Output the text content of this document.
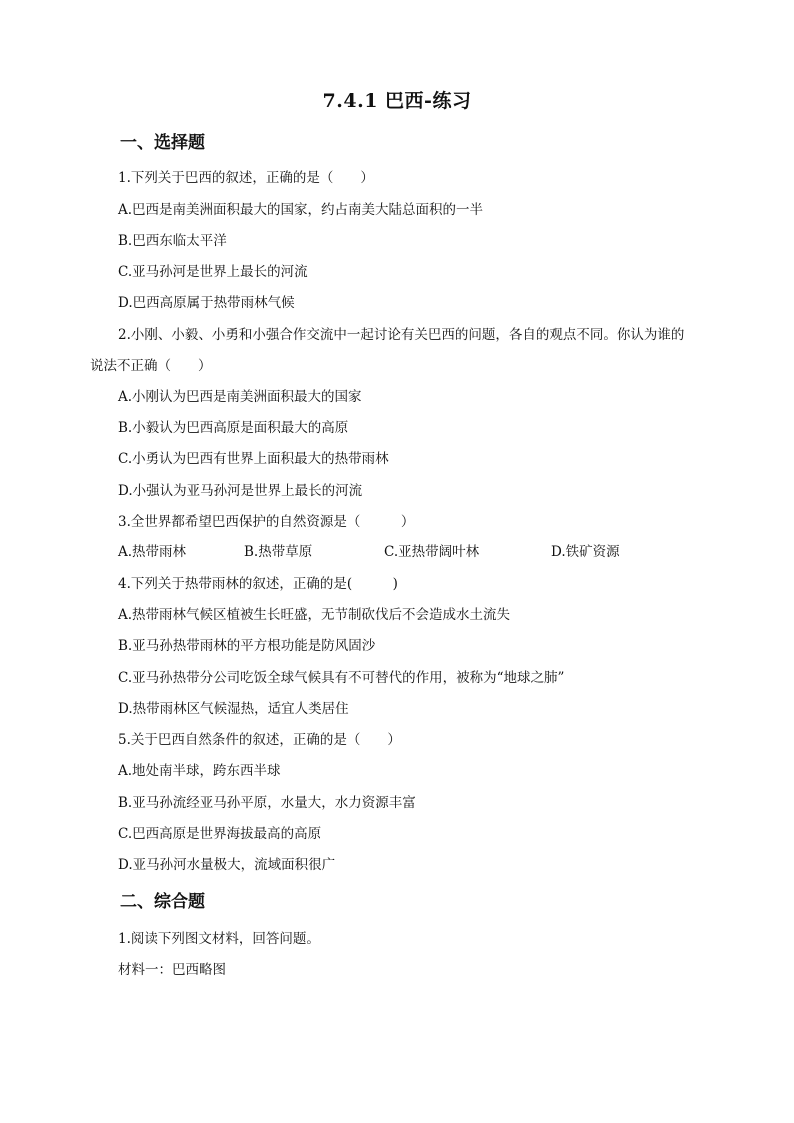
7.4.1 巴西-练习
一、选择题
1.下列关于巴西的叙述，正确的是（　　）
A.巴西是南美洲面积最大的国家，约占南美大陆总面积的一半
B.巴西东临太平洋
C.亚马孙河是世界上最长的河流
D.巴西高原属于热带雨林气候
2.小刚、小毅、小勇和小强合作交流中一起讨论有关巴西的问题，各自的观点不同。你认为谁的
说法不正确（　　）
A.小刚认为巴西是南美洲面积最大的国家
B.小毅认为巴西高原是面积最大的高原
C.小勇认为巴西有世界上面积最大的热带雨林
D.小强认为亚马孙河是世界上最长的河流
3.全世界都希望巴西保护的自然资源是（　　　）
A.热带雨林	B.热带草原	C.亚热带阔叶林	D.铁矿资源
4.下列关于热带雨林的叙述，正确的是(　　　)
A.热带雨林气候区植被生长旺盛，无节制砍伐后不会造成水土流失
B.亚马孙热带雨林的平方根功能是防风固沙
C.亚马孙热带分公司吃饭全球气候具有不可替代的作用，被称为“地球之肺”
D.热带雨林区气候湿热，适宜人类居住
5.关于巴西自然条件的叙述，正确的是（　　）
A.地处南半球，跨东西半球
B.亚马孙流经亚马孙平原，水量大，水力资源丰富
C.巴西高原是世界海拔最高的高原
D.亚马孙河水量极大，流域面积很广
二、综合题
1.阅读下列图文材料，回答问题。
材料一：巴西略图
